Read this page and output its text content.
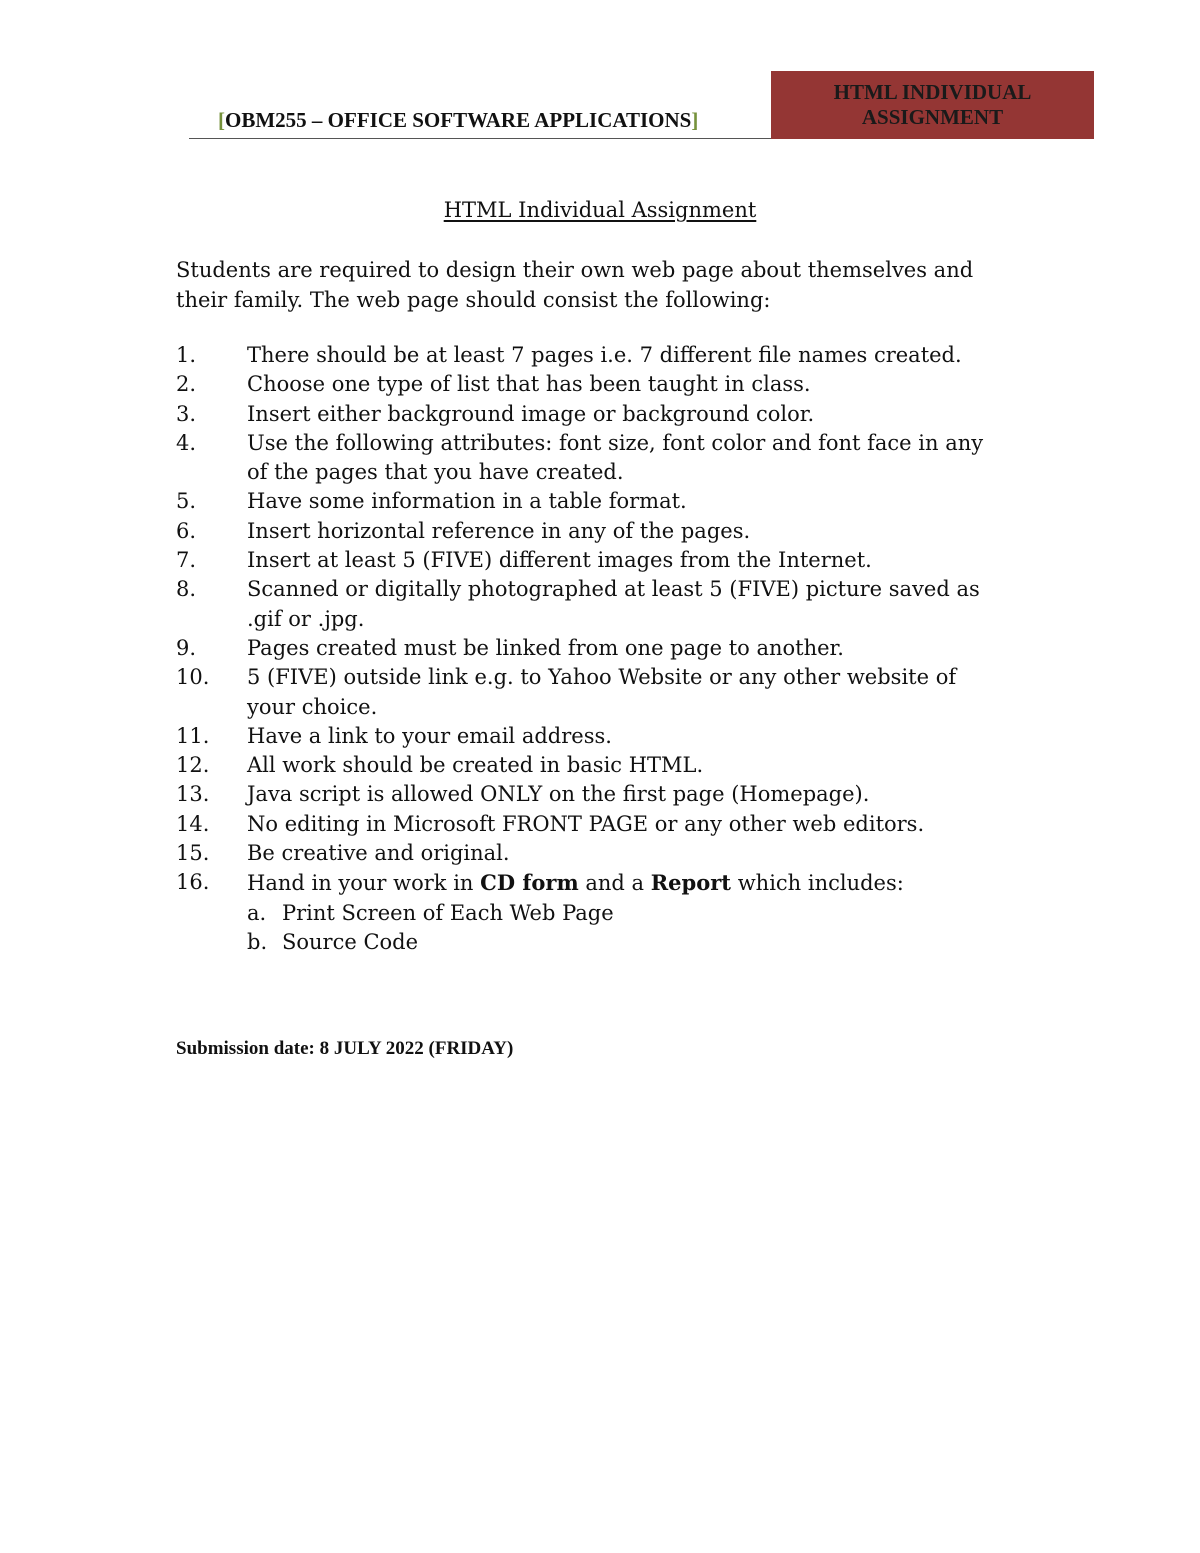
[OBM255 – OFFICE SOFTWARE APPLICATIONS]
HTML INDIVIDUAL ASSIGNMENT
HTML Individual Assignment
Students are required to design their own web page about themselves and their family. The web page should consist the following:
1.	There should be at least 7 pages i.e. 7 different file names created.
2.	Choose one type of list that has been taught in class.
3.	Insert either background image or background color.
4.	Use the following attributes: font size, font color and font face in any of the pages that you have created.
5.	Have some information in a table format.
6.	Insert horizontal reference in any of the pages.
7.	Insert at least 5 (FIVE) different images from the Internet.
8.	Scanned or digitally photographed at least 5 (FIVE) picture saved as .gif or .jpg.
9.	Pages created must be linked from one page to another.
10.	5 (FIVE) outside link e.g. to Yahoo Website or any other website of your choice.
11.	Have a link to your email address.
12.	All work should be created in basic HTML.
13.	Java script is allowed ONLY on the first page (Homepage).
14.	No editing in Microsoft FRONT PAGE or any other web editors.
15.	Be creative and original.
16.	Hand in your work in CD form and a Report which includes:
a. Print Screen of Each Web Page
b. Source Code
Submission date: 8 JULY 2022 (FRIDAY)
